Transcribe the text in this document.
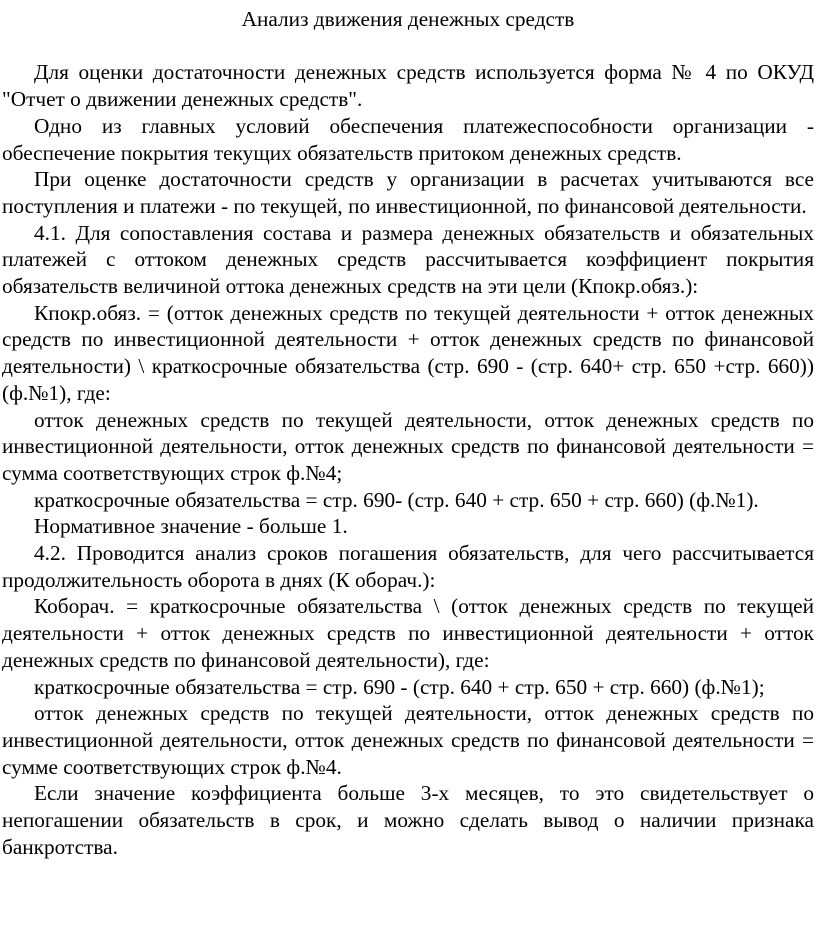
Анализ движения денежных средств

Для оценки достаточности денежных средств используется форма № 4 по ОКУД "Отчет о движении денежных средств".

Одно из главных условий обеспечения платежеспособности организации - обеспечение покрытия текущих обязательств притоком денежных средств.

При оценке достаточности средств у организации в расчетах учитываются все поступления и платежи - по текущей, по инвестиционной, по финансовой деятельности.

4.1. Для сопоставления состава и размера денежных обязательств и обязательных платежей с оттоком денежных средств рассчитывается коэффициент покрытия обязательств величиной оттока денежных средств на эти цели (Кпокр.обяз.):

Кпокр.обяз. = (отток денежных средств по текущей деятельности + отток денежных средств по инвестиционной деятельности + отток денежных средств по финансовой деятельности) \ краткосрочные обязательства (стр. 690 - (стр. 640+ стр. 650 +стр. 660)) (ф.№1), где:

отток денежных средств по текущей деятельности, отток денежных средств по инвестиционной деятельности, отток денежных средств по финансовой деятельности = сумма соответствующих строк ф.№4;

краткосрочные обязательства = стр. 690- (стр. 640 + стр. 650 + стр. 660) (ф.№1).

Нормативное значение - больше 1.

4.2. Проводится анализ сроков погашения обязательств, для чего рассчитывается продолжительность оборота в днях (К оборач.):

Коборач. = краткосрочные обязательства \ (отток денежных средств по текущей деятельности + отток денежных средств по инвестиционной деятельности + отток денежных средств по финансовой деятельности), где:

краткосрочные обязательства = стр. 690 - (стр. 640 + стр. 650 + стр. 660) (ф.№1);

отток денежных средств по текущей деятельности, отток денежных средств по инвестиционной деятельности, отток денежных средств по финансовой деятельности = сумме соответствующих строк ф.№4.

Если значение коэффициента больше 3-х месяцев, то это свидетельствует о непогашении обязательств в срок, и можно сделать вывод о наличии признака банкротства.
